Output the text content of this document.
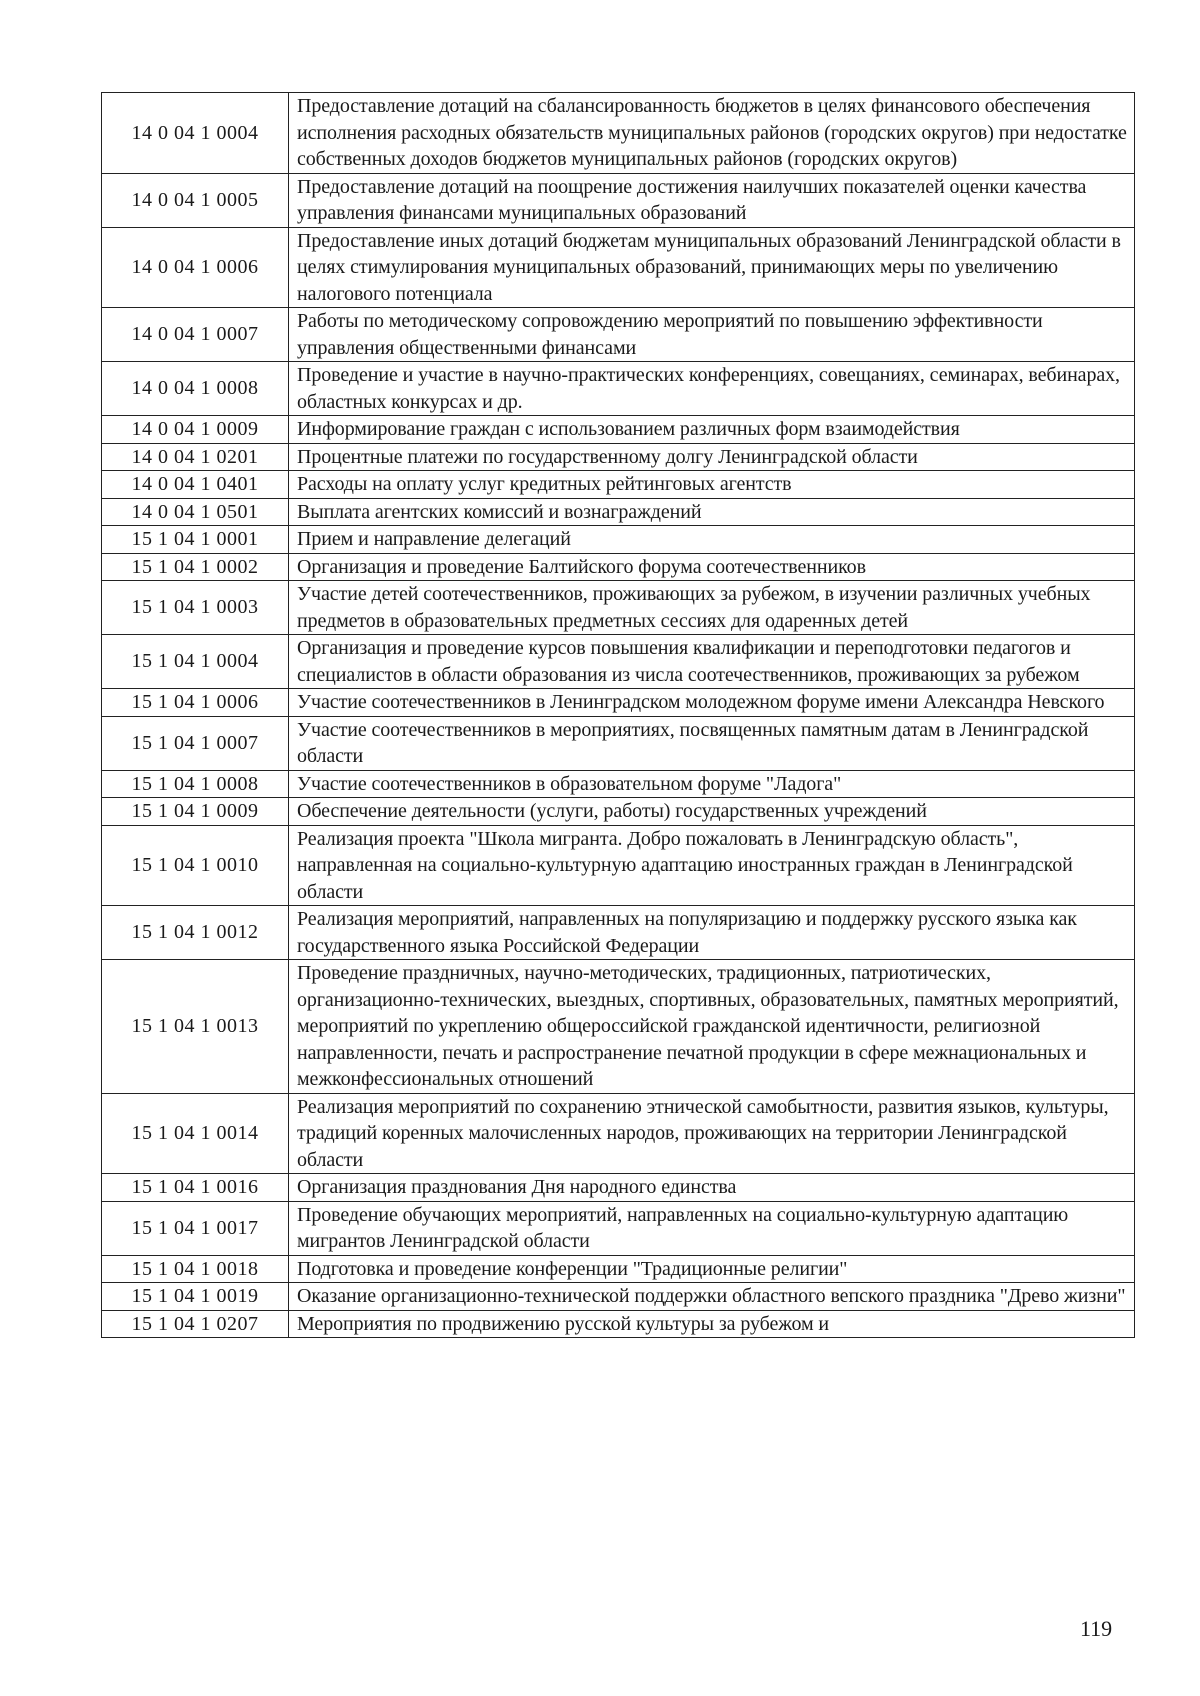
14 0 04 1 0004	Предоставление дотаций на сбалансированность бюджетов в целях финансового обеспечения исполнения расходных обязательств муниципальных районов (городских округов) при недостатке собственных доходов бюджетов муниципальных районов (городских округов)
14 0 04 1 0005	Предоставление дотаций на поощрение достижения наилучших показателей оценки качества управления финансами муниципальных образований
14 0 04 1 0006	Предоставление иных дотаций бюджетам муниципальных образований Ленинградской области в целях стимулирования муниципальных образований, принимающих меры по увеличению налогового потенциала
14 0 04 1 0007	Работы по методическому сопровождению мероприятий по повышению эффективности управления общественными финансами
14 0 04 1 0008	Проведение и участие в научно-практических конференциях, совещаниях, семинарах, вебинарах, областных конкурсах и др.
14 0 04 1 0009	Информирование граждан с использованием различных форм взаимодействия
14 0 04 1 0201	Процентные платежи по государственному долгу Ленинградской области
14 0 04 1 0401	Расходы на оплату услуг кредитных рейтинговых агентств
14 0 04 1 0501	Выплата агентских комиссий и вознаграждений
15 1 04 1 0001	Прием и направление делегаций
15 1 04 1 0002	Организация и проведение Балтийского форума соотечественников
15 1 04 1 0003	Участие детей соотечественников, проживающих за рубежом, в изучении различных учебных предметов в образовательных предметных сессиях для одаренных детей
15 1 04 1 0004	Организация и проведение курсов повышения квалификации и переподготовки педагогов и специалистов в области образования из числа соотечественников, проживающих за рубежом
15 1 04 1 0006	Участие соотечественников в Ленинградском молодежном форуме имени Александра Невского
15 1 04 1 0007	Участие соотечественников в мероприятиях, посвященных памятным датам в Ленинградской области
15 1 04 1 0008	Участие соотечественников в образовательном форуме "Ладога"
15 1 04 1 0009	Обеспечение деятельности (услуги, работы) государственных учреждений
15 1 04 1 0010	Реализация проекта "Школа мигранта. Добро пожаловать в Ленинградскую область", направленная на социально-культурную адаптацию иностранных граждан в Ленинградской области
15 1 04 1 0012	Реализация мероприятий, направленных на популяризацию и поддержку русского языка как государственного языка Российской Федерации
15 1 04 1 0013	Проведение праздничных, научно-методических, традиционных, патриотических, организационно-технических, выездных, спортивных, образовательных, памятных мероприятий, мероприятий по укреплению общероссийской гражданской идентичности, религиозной направленности, печать и распространение печатной продукции в сфере межнациональных и межконфессиональных отношений
15 1 04 1 0014	Реализация мероприятий по сохранению этнической самобытности, развития языков, культуры, традиций коренных малочисленных народов, проживающих на территории Ленинградской области
15 1 04 1 0016	Организация празднования Дня народного единства
15 1 04 1 0017	Проведение обучающих мероприятий, направленных на социально-культурную адаптацию мигрантов Ленинградской области
15 1 04 1 0018	Подготовка и проведение конференции "Традиционные религии"
15 1 04 1 0019	Оказание организационно-технической поддержки областного вепского праздника "Древо жизни"
15 1 04 1 0207	Мероприятия по продвижению русской культуры за рубежом и
119
